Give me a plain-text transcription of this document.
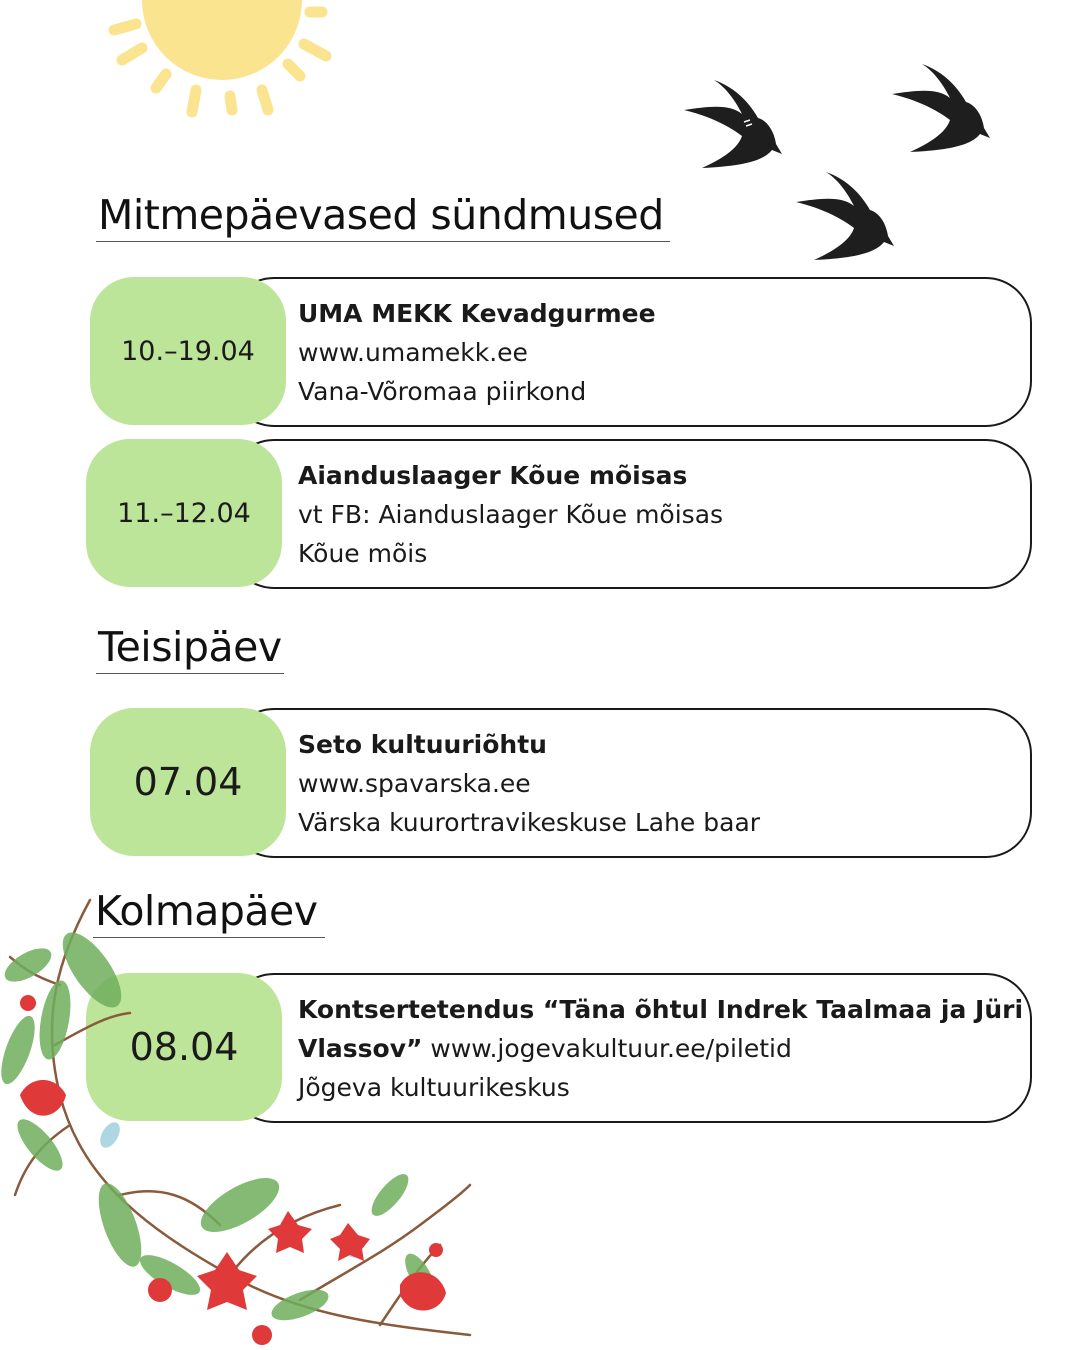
Mitmepäevased sündmused
10.–19.04
UMA MEKK Kevadgurmee
www.umamekk.ee
Vana-Võromaa piirkond
11.–12.04
Aianduslaager Kõue mõisas
vt FB: Aianduslaager Kõue mõisas
Kõue mõis
Teisipäev
07.04
Seto kultuuriõhtu
www.spavarska.ee
Värska kuurortravikeskuse Lahe baar
Kolmapäev
08.04
Kontsertetendus “Täna õhtul Indrek Taalmaa ja Jüri
Vlassov” www.jogevakultuur.ee/piletid
Jõgeva kultuurikeskus
